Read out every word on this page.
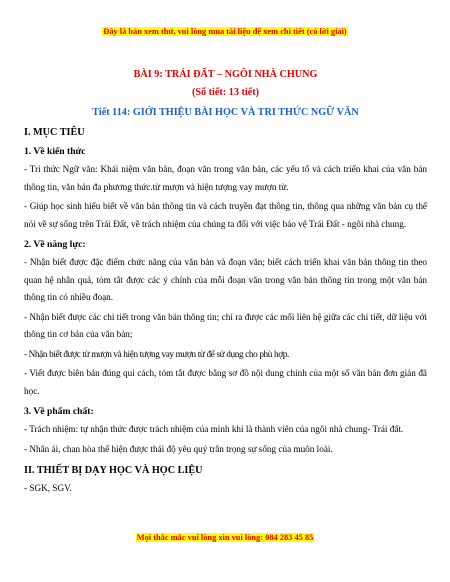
Đây là bản xem thử, vui lòng mua tài liệu để xem chi tiết (có lời giải)

BÀI 9: TRÁI ĐẤT – NGÔI NHÀ CHUNG

(Số tiết: 13 tiết)

Tiết 114: GIỚI THIỆU BÀI HỌC VÀ TRI THỨC NGỮ VĂN

I. MỤC TIÊU
1. Về kiến thức

- Tri thức Ngữ văn: Khái niệm văn bản, đoạn văn trong văn bản, các yếu tố và cách triển khai của văn bản thông tin, văn bản đa phương thức.từ mượn và hiện tượng vay mượn từ.

- Giúp học sinh hiểu biết về văn bản thông tin và cách truyền đạt thông tin, thông qua những văn bản cụ thể nói về sự sống trên Trái Đất, về trách nhiệm của chúng ta đối với việc bảo vệ Trái Đất - ngôi nhà chung.

2. Về năng lực:

- Nhận biết được đặc điểm chức năng của văn bản và đoạn văn; biết cách triển khai văn bản thông tin theo quan hệ nhân quả, tóm tắt được các ý chính của mỗi đoạn văn trong văn bản thông tin trong một văn bản thông tin có nhiều đoạn.

- Nhận biết được các chi tiết trong văn bản thông tin; chỉ ra được các mối liên hệ giữa các chi tiết, dữ liệu với thông tin cơ bản của văn bản;

- Nhận biết được từ mượn và hiện tượng vay mượn từ để sử dụng cho phù hợp.

- Viết được biên bản đúng qui cách, tóm tắt được bằng sơ đồ nội dung chính của một số văn bản đơn giản đã học.

3. Về phẩm chất:

- Trách nhiệm: tự nhận thức được trách nhiệm của mình khi là thành viên của ngôi nhà chung- Trái đất.

- Nhân ái, chan hòa thể hiện được thái độ yêu quý trân trọng sự sống của muôn loài.

II. THIẾT BỊ DẠY HỌC VÀ HỌC LIỆU

- SGK, SGV.

Mọi thắc mắc vui lòng xin vui lòng: 084 283 45 85
